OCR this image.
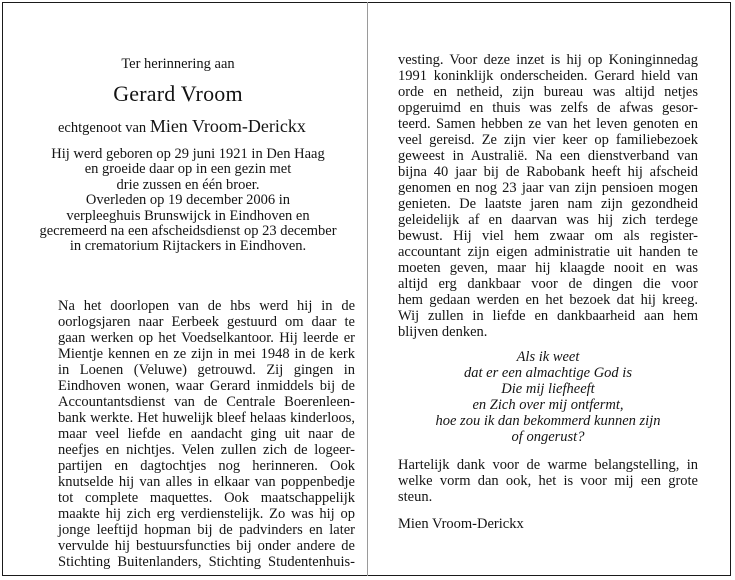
Ter herinnering aan
Gerard Vroom
echtgenoot van Mien Vroom-Derickx
Hij werd geboren op 29 juni 1921 in Den Haag
en groeide daar op in een gezin met
drie zussen en één broer.
Overleden op 19 december 2006 in
verpleeghuis Brunswijck in Eindhoven en
gecremeerd na een afscheidsdienst op 23 december
in crematorium Rijtackers in Eindhoven.
Na het doorlopen van de hbs werd hij in de
oorlogsjaren naar Eerbeek gestuurd om daar te
gaan werken op het Voedselkantoor. Hij leerde er
Mientje kennen en ze zijn in mei 1948 in de kerk
in Loenen (Veluwe) getrouwd. Zij gingen in
Eindhoven wonen, waar Gerard inmiddels bij de
Accountantsdienst van de Centrale Boerenleen-
bank werkte. Het huwelijk bleef helaas kinderloos,
maar veel liefde en aandacht ging uit naar de
neefjes en nichtjes. Velen zullen zich de logeer-
partijen en dagtochtjes nog herinneren. Ook
knutselde hij van alles in elkaar van poppenbedje
tot complete maquettes. Ook maatschappelijk
maakte hij zich erg verdienstelijk. Zo was hij op
jonge leeftijd hopman bij de padvinders en later
vervulde hij bestuursfuncties bij onder andere de
Stichting Buitenlanders, Stichting Studentenhuis-
vesting. Voor deze inzet is hij op Koninginnedag
1991 koninklijk onderscheiden. Gerard hield van
orde en netheid, zijn bureau was altijd netjes
opgeruimd en thuis was zelfs de afwas gesor-
teerd. Samen hebben ze van het leven genoten en
veel gereisd. Ze zijn vier keer op familiebezoek
geweest in Australië. Na een dienstverband van
bijna 40 jaar bij de Rabobank heeft hij afscheid
genomen en nog 23 jaar van zijn pensioen mogen
genieten. De laatste jaren nam zijn gezondheid
geleidelijk af en daarvan was hij zich terdege
bewust. Hij viel hem zwaar om als register-
accountant zijn eigen administratie uit handen te
moeten geven, maar hij klaagde nooit en was
altijd erg dankbaar voor de dingen die voor
hem gedaan werden en het bezoek dat hij kreeg.
Wij zullen in liefde en dankbaarheid aan hem
blijven denken.
Als ik weet
dat er een almachtige God is
Die mij liefheeft
en Zich over mij ontfermt,
hoe zou ik dan bekommerd kunnen zijn
of ongerust?
Hartelijk dank voor de warme belangstelling, in
welke vorm dan ook, het is voor mij een grote
steun.
Mien Vroom-Derickx
